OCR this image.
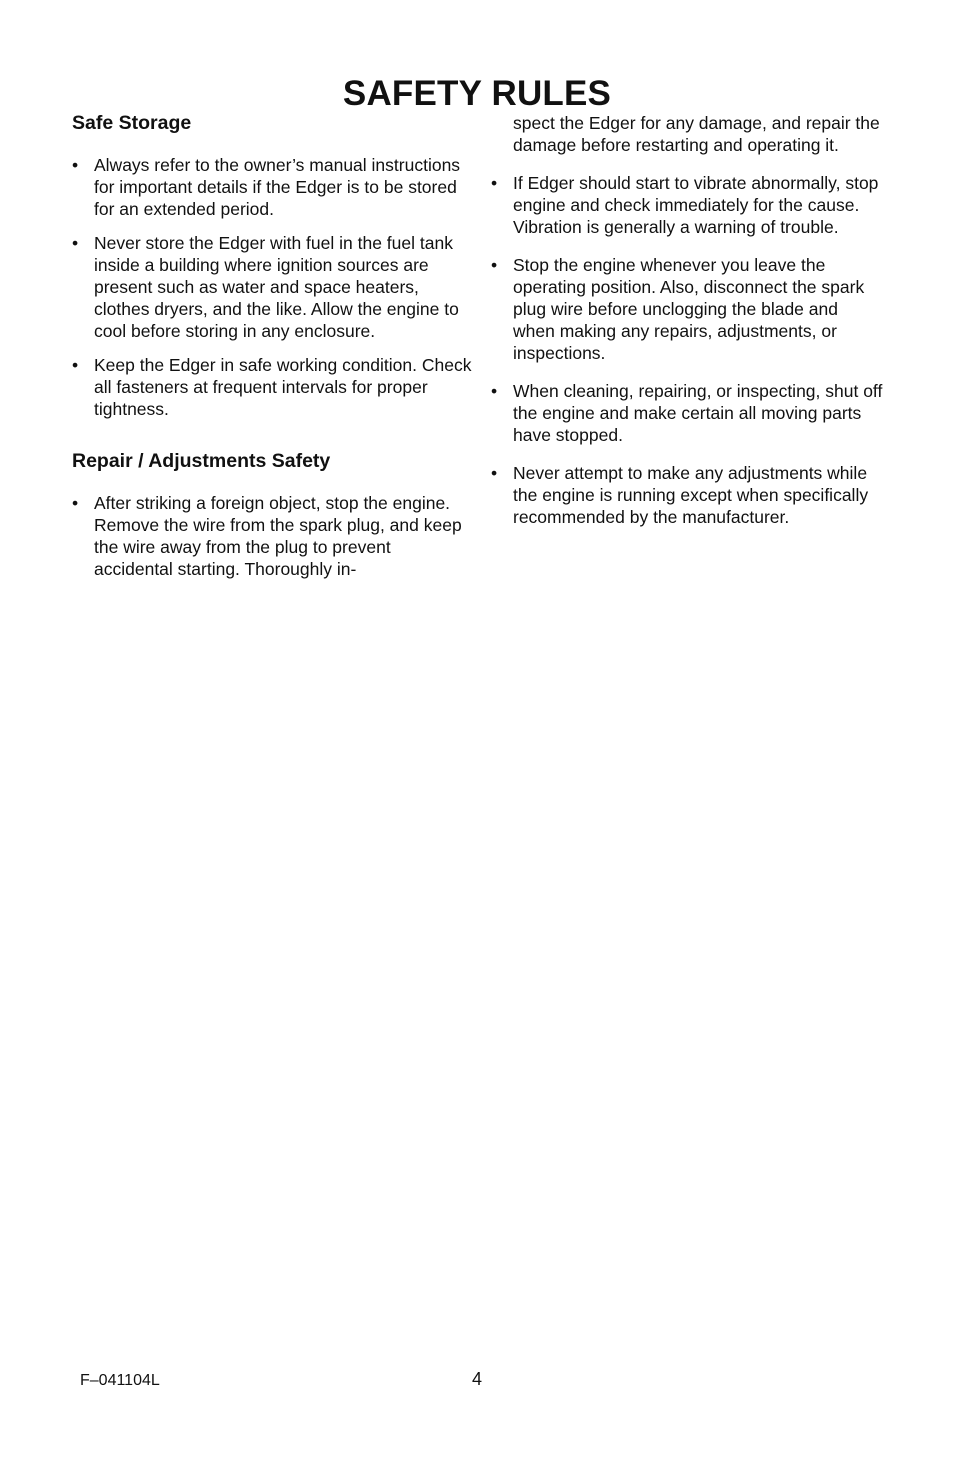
SAFETY RULES
Safe Storage
• Always refer to the owner’s manual instructions for important details if the Edger is to be stored for an extended period.
• Never store the Edger with fuel in the fuel tank inside a building where ignition sources are present such as water and space heaters, clothes dryers, and the like. Allow the engine to cool before storing in any enclosure.
• Keep the Edger in safe working condition. Check all fasteners at frequent intervals for proper tightness.
Repair / Adjustments Safety
• After striking a foreign object, stop the engine. Remove the wire from the spark plug, and keep the wire away from the plug to prevent accidental starting. Thoroughly in-
spect the Edger for any damage, and repair the damage before restarting and operating it.
• If Edger should start to vibrate abnormally, stop engine and check immediately for the cause. Vibration is generally a warning of trouble.
• Stop the engine whenever you leave the operating position. Also, disconnect the spark plug wire before unclogging the blade and when making any repairs, adjustments, or inspections.
• When cleaning, repairing, or inspecting, shut off the engine and make certain all moving parts have stopped.
• Never attempt to make any adjustments while the engine is running except when specifically recommended by the manufacturer.
F–041104L	4
